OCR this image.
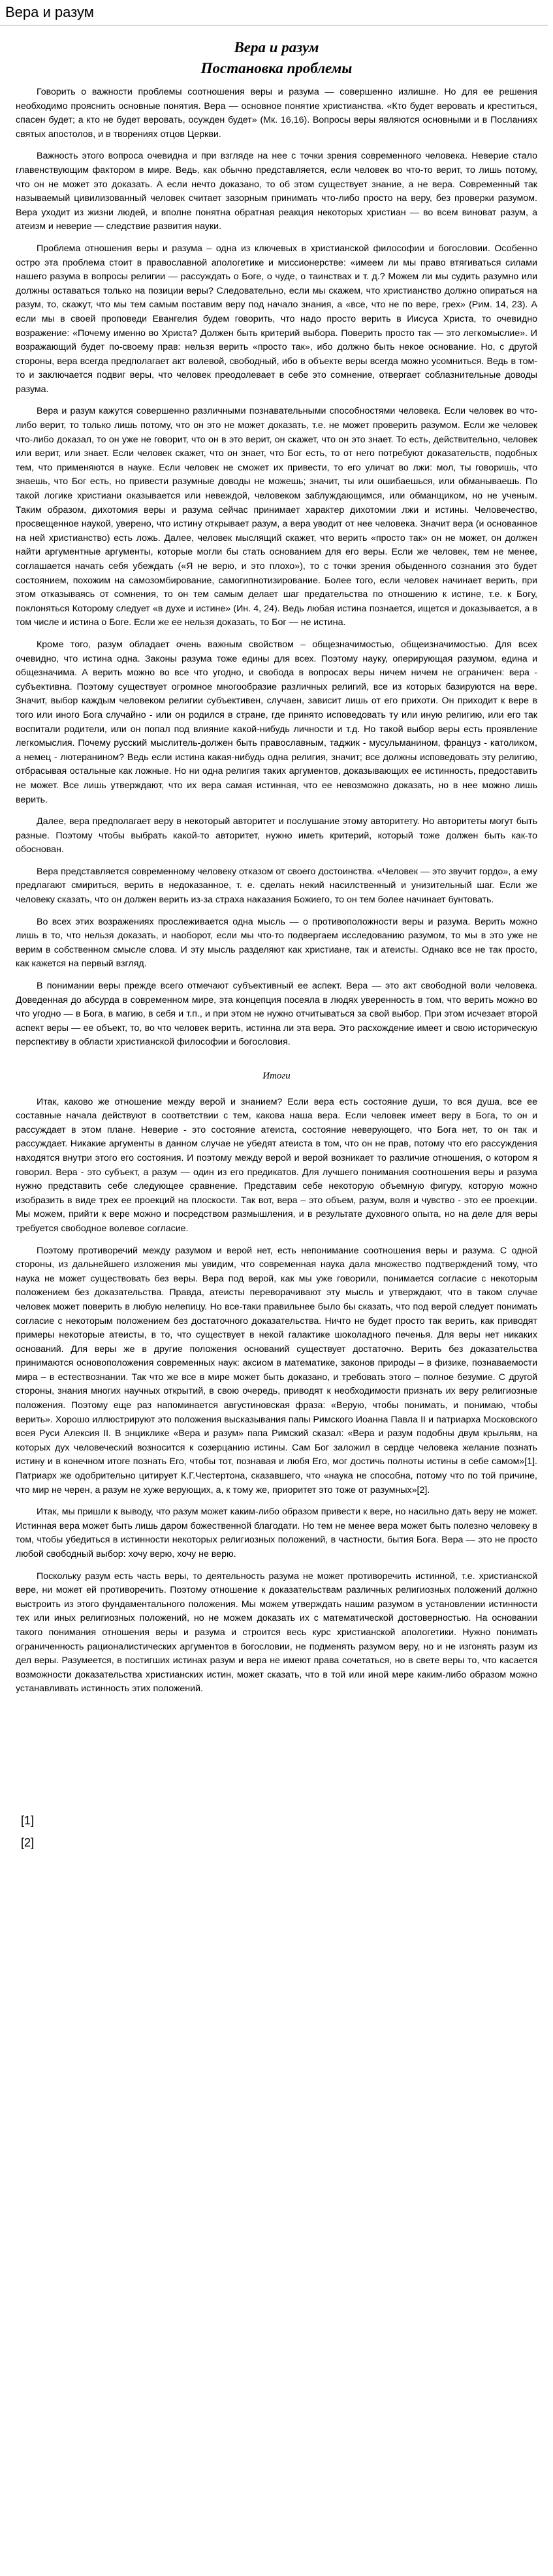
Вера и разум
Вера и разум
Постановка проблемы

Говорить о важности проблемы соотношения веры и разума — совершенно излишне. Но для ее решения необходимо прояснить основные понятия. Вера — основное понятие христианства. «Кто будет веровать и креститься, спасен будет; а кто не будет веровать, осужден будет» (Мк. 16,16). Вопросы веры являются основными и в Посланиях святых апостолов, и в творениях отцов Церкви.

Важность этого вопроса очевидна и при взгляде на нее с точки зрения современного человека. Неверие стало главенствующим фактором в мире. Ведь, как обычно представляется, если человек во что-то верит, то лишь потому, что он не может это доказать. А если нечто доказано, то об этом существует знание, а не вера. Современный так называемый цивилизованный человек считает зазорным принимать что-либо просто на веру, без проверки разумом. Вера уходит из жизни людей, и вполне понятна обратная реакция некоторых христиан — во всем виноват разум, а атеизм и неверие — следствие развития науки.

Проблема отношения веры и разума – одна из ключевых в христианской философии и богословии. Особенно остро эта проблема стоит в православной апологетике и миссионерстве: «имеем ли мы право втягиваться силами нашего разума в вопросы религии — рассуждать о Боге, о чуде, о таинствах и т. д.? Можем ли мы судить разумно или должны оставаться только на позиции веры? Следовательно, если мы скажем, что христианство должно опираться на разум, то, скажут, что мы тем самым поставим веру под начало знания, а «все, что не по вере, грех» (Рим. 14, 23). А если мы в своей проповеди Евангелия будем говорить, что надо просто верить в Иисуса Христа, то очевидно возражение: «Почему именно во Христа? Должен быть критерий выбора. Поверить просто так — это легкомыслие». И возражающий будет по-своему прав: нельзя верить «просто так», ибо должно быть некое основание. Но, с другой стороны, вера всегда предполагает акт волевой, свободный, ибо в объекте веры всегда можно усомниться. Ведь в том-то и заключается подвиг веры, что человек преодолевает в себе это сомнение, отвергает соблазнительные доводы разума.

Вера и разум кажутся совершенно различными познавательными способностями человека. Если человек во что-либо верит, то только лишь потому, что он это не может доказать, т.е. не может проверить разумом. Если же человек что-либо доказал, то он уже не говорит, что он в это верит, он скажет, что он это знает. То есть, действительно, человек или верит, или знает. Если человек скажет, что он знает, что Бог есть, то от него потребуют доказательств, подобных тем, что применяются в науке. Если человек не сможет их привести, то его уличат во лжи: мол, ты говоришь, что знаешь, что Бог есть, но привести разумные доводы не можешь; значит, ты или ошибаешься, или обманываешь. По такой логике христиани оказывается или невеждой, человеком заблуждающимся, или обманщиком, но не ученым. Таким образом, дихотомия веры и разума сейчас принимает характер дихотомии лжи и истины. Человечество, просвещенное наукой, уверено, что истину открывает разум, а вера уводит от нее человека. Значит вера (и основанное на ней христианство) есть ложь. Далее, человек мыслящий скажет, что верить «просто так» он не может, он должен найти аргументные аргументы, которые могли бы стать основанием для его веры. Если же человек, тем не менее, соглашается начать себя убеждать («Я не верю, и это плохо»), то с точки зрения обыденного сознания это будет состоянием, похожим на самозомбирование, самогипнотизирование. Более того, если человек начинает верить, при этом отказываясь от сомнения, то он тем самым делает шаг предательства по отношению к истине, т.е. к Богу, поклоняться Которому следует «в духе и истине» (Ин. 4, 24). Ведь любая истина познается, ищется и доказывается, а в том числе и истина о Боге. Если же ее нельзя доказать, то Бог — не истина.

Кроме того, разум обладает очень важным свойством – общезначимостью, общеизначимостью. Для всех очевидно, что истина одна. Законы разума тоже едины для всех. Поэтому науку, оперирующая разумом, едина и общезначима. А верить можно во все что угодно, и свобода в вопросах веры ничем ничем не ограничен: вера - субъективна. Поэтому существует огромное многообразие различных религий, все из которых базируются на вере. Значит, выбор каждым человеком религии субъективен, случаен, зависит лишь от его прихоти. Он приходит к вере в того или иного Бога случайно - или он родился в стране, где принято исповедовать ту или иную религию, или его так воспитали родители, или он попал под влияние какой-нибудь личности и т.д. Но такой выбор веры есть проявление легкомыслия. Почему русский мыслитель-должен быть православным, таджик - мусульманином, француз - католиком, а немец - лютеранином? Ведь если истина какая-нибудь одна религия, значит; все должны исповедовать эту религию, отбрасывая остальные как ложные. Но ни одна религия таких аргументов, доказывающих ее истинность, предоставить не может. Все лишь утверждают, что их вера самая истинная, что ее невозможно доказать, но в нее можно лишь верить.

Далее, вера предполагает веру в некоторый авторитет и послушание этому авторитету. Но авторитеты могут быть разные. Поэтому чтобы выбрать какой-то авторитет, нужно иметь критерий, который тоже должен быть как-то обоснован.

Вера представляется современному человеку отказом от своего достоинства. «Человек — это звучит гордо», а ему предлагают смириться, верить в недоказанное, т. е. сделать некий насилственный и унизительный шаг. Если же человеку сказать, что он должен верить из-за страха наказания Божиего, то он тем более начинает бунтовать.

Во всех этих возражениях прослеживается одна мысль — о противоположности веры и разума. Верить можно лишь в то, что нельзя доказать, и наоборот, если мы что-то подвергаем исследованию разумом, то мы в это уже не верим в собственном смысле слова. И эту мысль разделяют как христиане, так и атеисты. Однако все не так просто, как кажется на первый взгляд.

В понимании веры прежде всего отмечают субъективный ее аспект. Вера — это акт свободной воли человека. Доведенная до абсурда в современном мире, эта концепция посеяла в людях уверенность в том, что верить можно во что угодно — в Бога, в магию, в себя и т.п., и при этом не нужно отчитываться за свой выбор. При этом исчезает второй аспект веры — ее объект, то, во что человек верить, истинна ли эта вера. Это расхождение имеет и свою историческую перспективу в области христианской философии и богословия.

Итоги

Итак, каково же отношение между верой и знанием? Если вера есть состояние души, то вся душа, все ее составные начала действуют в соответствии с тем, какова наша вера. Если человек имеет веру в Бога, то он и рассуждает в этом плане. Неверие - это состояние атеиста, состояние неверующего, что Бога нет, то он так и рассуждает. Никакие аргументы в данном случае не убедят атеиста в том, что он не прав, потому что его рассуждения находятся внутри этого его состояния. И поэтому между верой и верой возникает то различие отношения, о котором я говорил. Вера - это субъект, а разум — один из его предикатов. Для лучшего понимания соотношения веры и разума нужно представить себе следующее сравнение. Представим себе некоторую объемную фигуру, которую можно изобразить в виде трех ее проекций на плоскости. Так вот, вера – это объем, разум, воля и чувство - это ее проекции. Мы можем, прийти к вере можно и посредством размышления, и в результате духовного опыта, но на деле для веры требуется свободное волевое согласие.

Поэтому противоречий между разумом и верой нет, есть непонимание соотношения веры и разума. С одной стороны, из дальнейшего изложения мы увидим, что современная наука дала множество подтверждений тому, что наука не может существовать без веры. Вера под верой, как мы уже говорили, понимается согласие с некоторым положением без доказательства. Правда, атеисты переворачивают эту мысль и утверждают, что в таком случае человек может поверить в любую нелепицу. Но все-таки правильнее было бы сказать, что под верой следует понимать согласие с некоторым положением без достаточного доказательства. Ничто не будет просто так верить, как приводят примеры некоторые атеисты, в то, что существует в некой галактике шоколадного печенья. Для веры нет никаких оснований. Для веры же в другие положения оснований существует достаточно. Верить без доказательства принимаются основоположения современных наук: аксиом в математике, законов природы – в физике, познаваемости мира – в естествознании. Так что же все в мире может быть доказано, и требовать этого – полное безумие. С другой стороны, знания многих научных открытий, в свою очередь, приводят к необходимости признать их веру религиозные положения. Поэтому еще раз напоминается августиновская фраза: «Верую, чтобы понимать, и понимаю, чтобы верить». Хорошо иллюстрируют это положения высказывания папы Римского Иоанна Павла II и патриарха Московского всея Руси Алексия II. В энциклике «Вера и разум» папа Римский сказал: «Вера и разум подобны двум крыльям, на которых дух человеческий возносится к созерцанию истины. Сам Бог заложил в сердце человека желание познать истину и в конечном итоге познать Его, чтобы тот, познавая и любя Его, мог достичь полноты истины в себе самом»[1]. Патриарх же одобрительно цитирует К.Г.Честертона, сказавшего, что «наука не способна, потому что по той причине, что мир не черен, а разум не хуже верующих, а, к тому же, приоритет это тоже от разумных»[2].

Итак, мы пришли к выводу, что разум может каким-либо образом привести к вере, но насильно дать веру не может. Истинная вера может быть лишь даром божественной благодати. Но тем не менее вера может быть полезно человеку в том, чтобы убедиться в истинности некоторых религиозных положений, в частности, бытия Бога. Вера — это не просто любой свободный выбор: хочу верю, хочу не верю.

Поскольку разум есть часть веры, то деятельность разума не может противоречить истинной, т.е. христианской вере, ни может ей противоречить. Поэтому отношение к доказательствам различных религиозных положений должно выстроить из этого фундаментального положения. Мы можем утверждать нашим разумом в установлении истинности тех или иных религиозных положений, но не можем доказать их с математической достоверностью. На основании такого понимания отношения веры и разума и строится весь курс христианской апологетики. Нужно понимать ограниченность рационалистических аргументов в богословии, не подменять разумом веру, но и не изгонять разум из дел веры. Разумеется, в постигших истинах разум и вера не имеют права сочетаться, но в свете веры то, что касается возможности доказательства христианских истин, может сказать, что в той или иной мере каким-либо образом можно устанавливать истинность этих положений.

[1]
[2]
